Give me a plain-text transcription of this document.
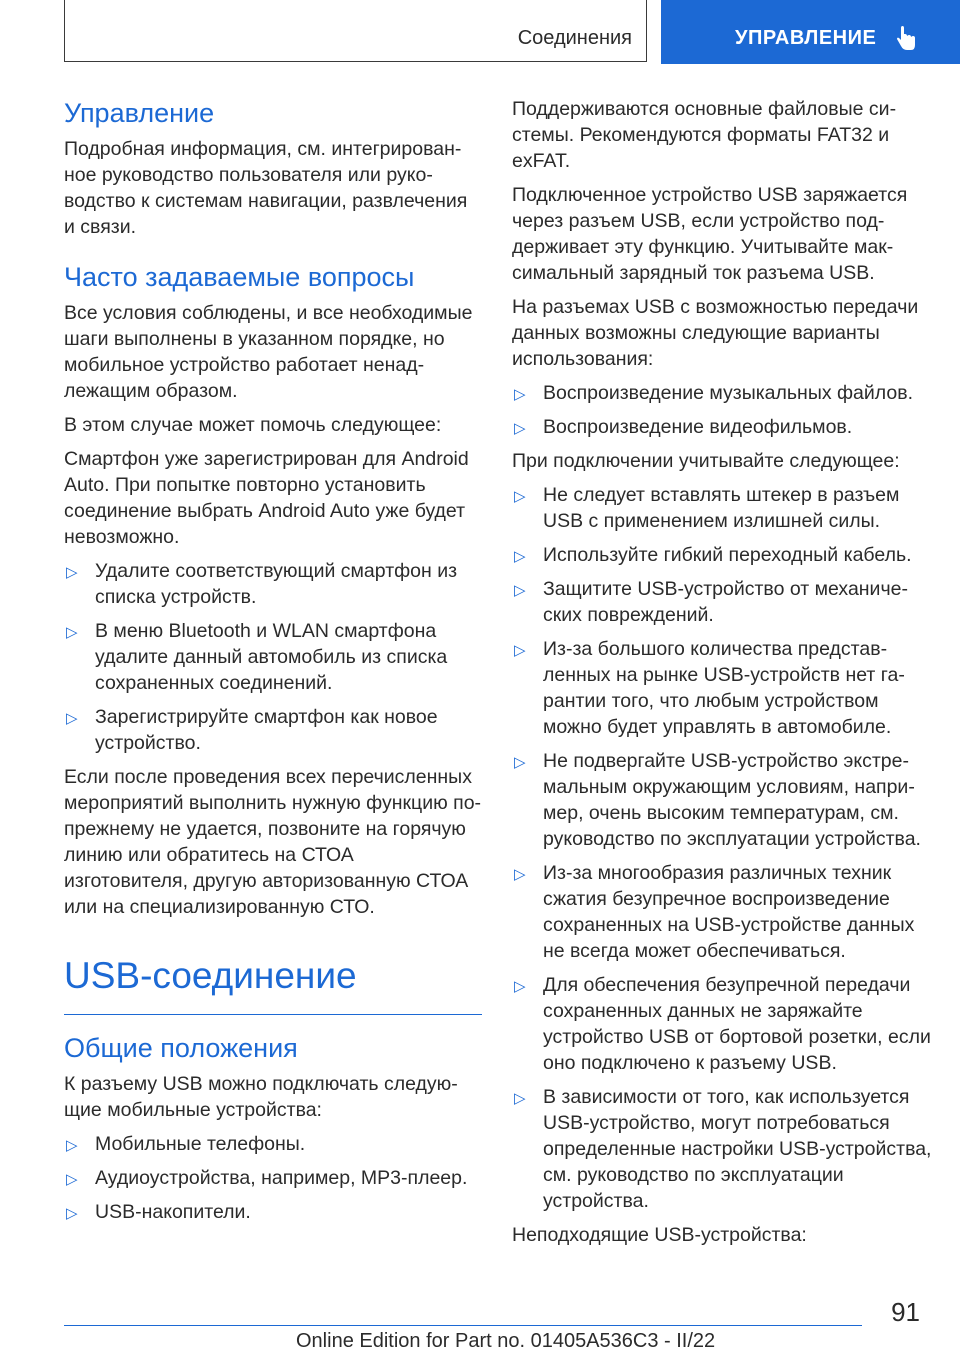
Соединения	УПРАВЛЕНИЕ
Управление

Подробная информация, см. интегрированное руководство пользователя или руководство к системам навигации, развлечения и связи.

Часто задаваемые вопросы

Все условия соблюдены, и все необходимые шаги выполнены в указанном порядке, но мобильное устройство работает ненадлежащим образом.

В этом случае может помочь следующее:

Смартфон уже зарегистрирован для Android Auto. При попытке повторно установить соединение выбрать Android Auto уже будет невозможно.

▷ Удалите соответствующий смартфон из списка устройств.
▷ В меню Bluetooth и WLAN смартфона удалите данный автомобиль из списка сохраненных соединений.
▷ Зарегистрируйте смартфон как новое устройство.

Если после проведения всех перечисленных мероприятий выполнить нужную функцию по-прежнему не удается, позвоните на горячую линию или обратитесь на СТОА изготовителя, другую авторизованную СТОА или на специализированную СТО.

USB-соединение
Общие положения

К разъему USB можно подключать следующие мобильные устройства:

▷ Мобильные телефоны.
▷ Аудиоустройства, например, MP3-плеер.
▷ USB-накопители.

Поддерживаются основные файловые системы. Рекомендуются форматы FAT32 и exFAT.

Подключенное устройство USB заряжается через разъем USB, если устройство поддерживает эту функцию. Учитывайте максимальный зарядный ток разъема USB.

На разъемах USB с возможностью передачи данных возможны следующие варианты использования:

▷ Воспроизведение музыкальных файлов.
▷ Воспроизведение видеофильмов.

При подключении учитывайте следующее:

▷ Не следует вставлять штекер в разъем USB с применением излишней силы.
▷ Используйте гибкий переходный кабель.
▷ Защитите USB-устройство от механических повреждений.
▷ Из-за большого количества представленных на рынке USB-устройств нет гарантии того, что любым устройством можно будет управлять в автомобиле.
▷ Не подвергайте USB-устройство экстремальным окружающим условиям, например, очень высоким температурам, см. руководство по эксплуатации устройства.
▷ Из-за многообразия различных техник сжатия безупречное воспроизведение сохраненных на USB-устройстве данных не всегда может обеспечиваться.
▷ Для обеспечения безупречной передачи сохраненных данных не заряжайте устройство USB от бортовой розетки, если оно подключено к разъему USB.
▷ В зависимости от того, как используется USB-устройство, могут потребоваться определенные настройки USB-устройства, см. руководство по эксплуатации устройства.

Неподходящие USB-устройства:

91
Online Edition for Part no. 01405A536C3 - II/22
